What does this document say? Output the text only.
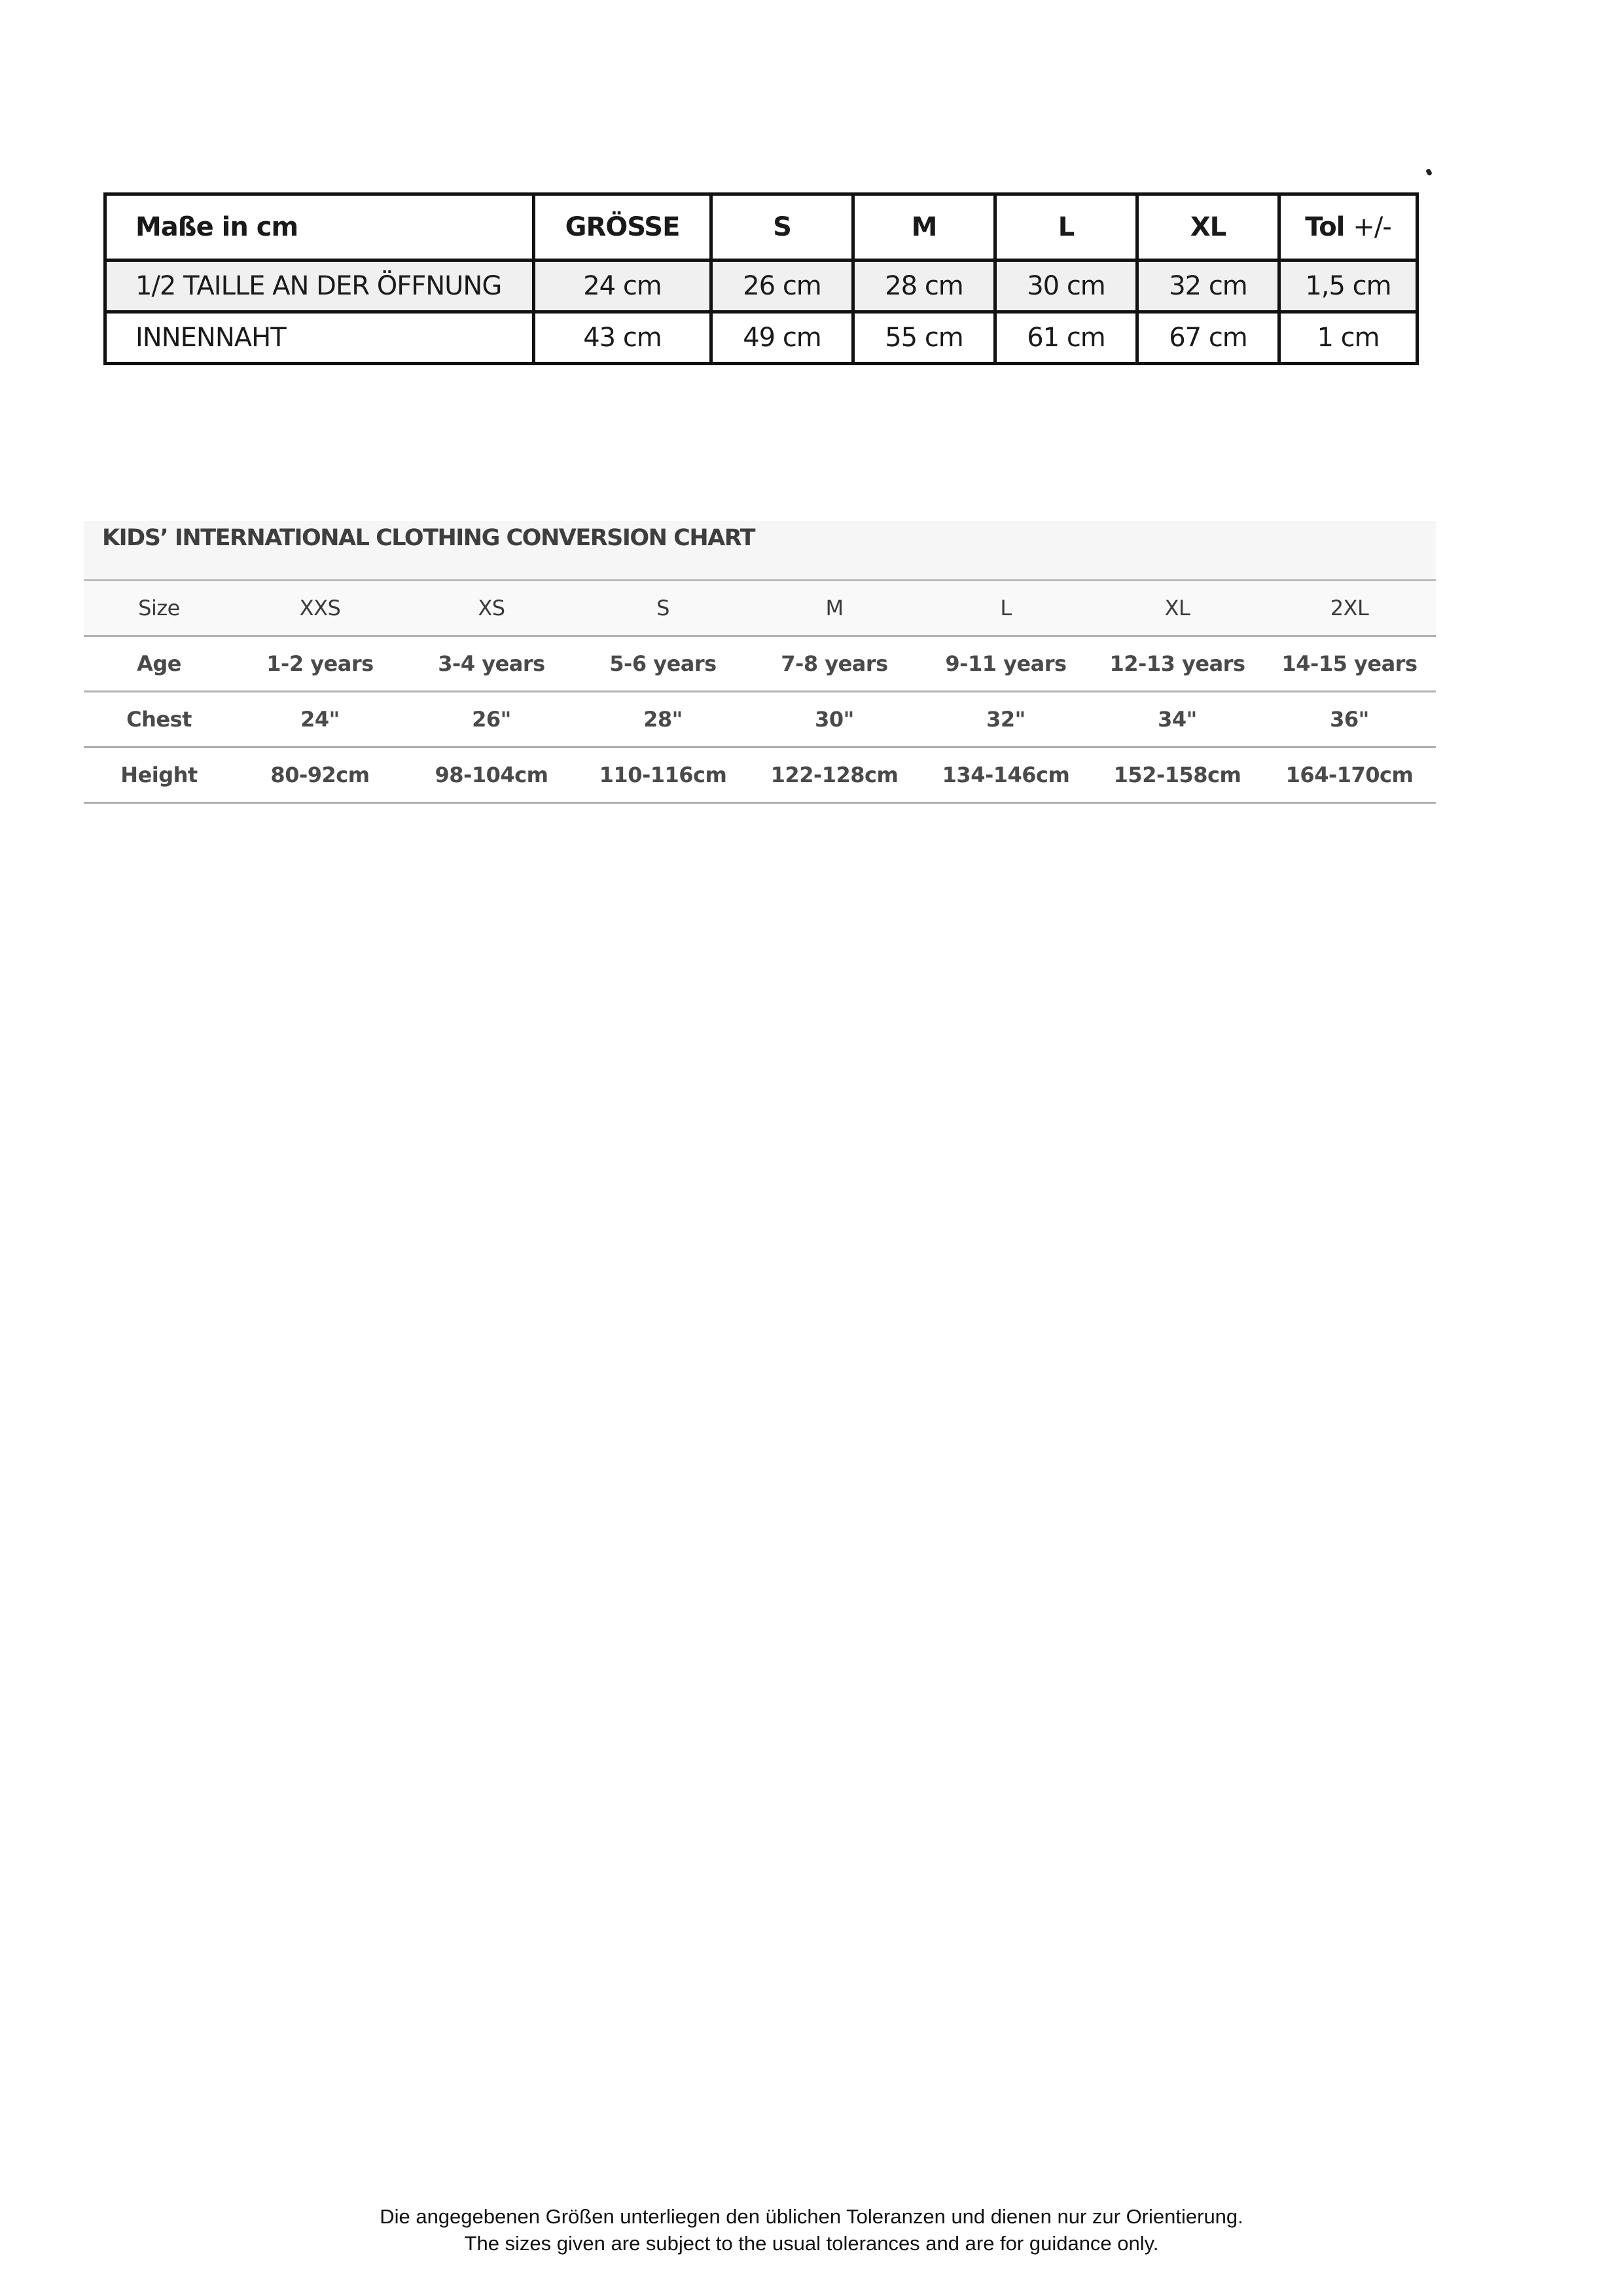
Maße in cm	GRÖSSE	S	M	L	XL	Tol +/-
1/2 TAILLE AN DER ÖFFNUNG	24 cm	26 cm	28 cm	30 cm	32 cm	1,5 cm
INNENNAHT	43 cm	49 cm	55 cm	61 cm	67 cm	1 cm
KIDS’ INTERNATIONAL CLOTHING CONVERSION CHART
Size	XXS	XS	S	M	L	XL	2XL
Age	1-2 years	3-4 years	5-6 years	7-8 years	9-11 years	12-13 years	14-15 years
Chest	24"	26"	28"	30"	32"	34"	36"
Height	80-92cm	98-104cm	110-116cm	122-128cm	134-146cm	152-158cm	164-170cm
Die angegebenen Größen unterliegen den üblichen Toleranzen und dienen nur zur Orientierung.
The sizes given are subject to the usual tolerances and are for guidance only.
